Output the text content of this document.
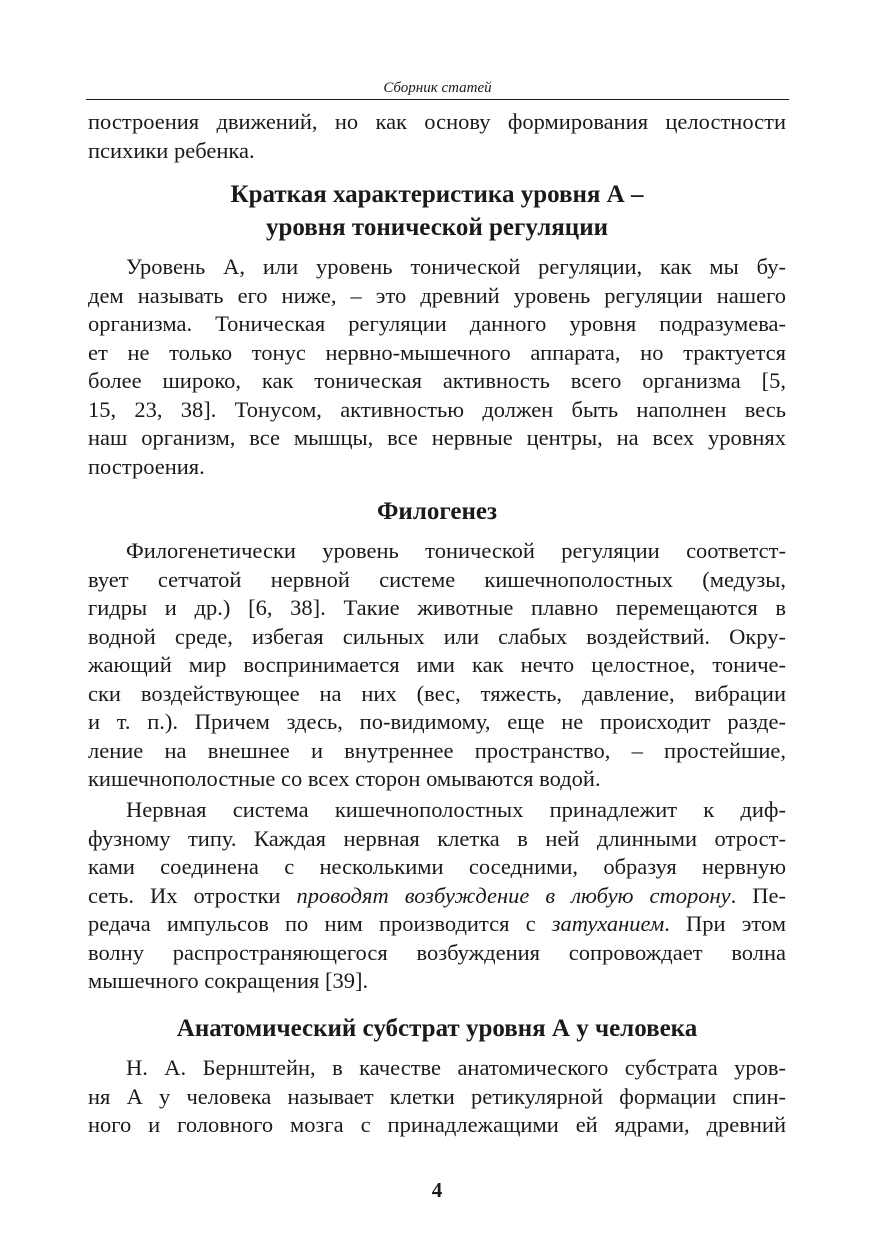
Сборник статей
построения движений, но как основу формирования целостности
психики ребенка.
Краткая характеристика уровня А –
уровня тонической регуляции
Уровень А, или уровень тонической регуляции, как мы бу-
дем называть его ниже, – это древний уровень регуляции нашего
организма. Тоническая регуляции данного уровня подразумева-
ет не только тонус нервно-мышечного аппарата, но трактуется
более широко, как тоническая активность всего организма [5,
15, 23, 38]. Тонусом, активностью должен быть наполнен весь
наш организм, все мышцы, все нервные центры, на всех уровнях
построения.
Филогенез
Филогенетически уровень тонической регуляции соответст-
вует сетчатой нервной системе кишечнополостных (медузы,
гидры и др.) [6, 38]. Такие животные плавно перемещаются в
водной среде, избегая сильных или слабых воздействий. Окру-
жающий мир воспринимается ими как нечто целостное, тониче-
ски воздействующее на них (вес, тяжесть, давление, вибрации
и т. п.). Причем здесь, по-видимому, еще не происходит разде-
ление на внешнее и внутреннее пространство, – простейшие,
кишечнополостные со всех сторон омываются водой.
Нервная система кишечнополостных принадлежит к диф-
фузному типу. Каждая нервная клетка в ней длинными отрост-
ками соединена с несколькими соседними, образуя нервную
сеть. Их отростки проводят возбуждение в любую сторону. Пе-
редача импульсов по ним производится с затуханием. При этом
волну распространяющегося возбуждения сопровождает волна
мышечного сокращения [39].
Анатомический субстрат уровня А у человека
Н. А. Бернштейн, в качестве анатомического субстрата уров-
ня А у человека называет клетки ретикулярной формации спин-
ного и головного мозга с принадлежащими ей ядрами, древний
4
